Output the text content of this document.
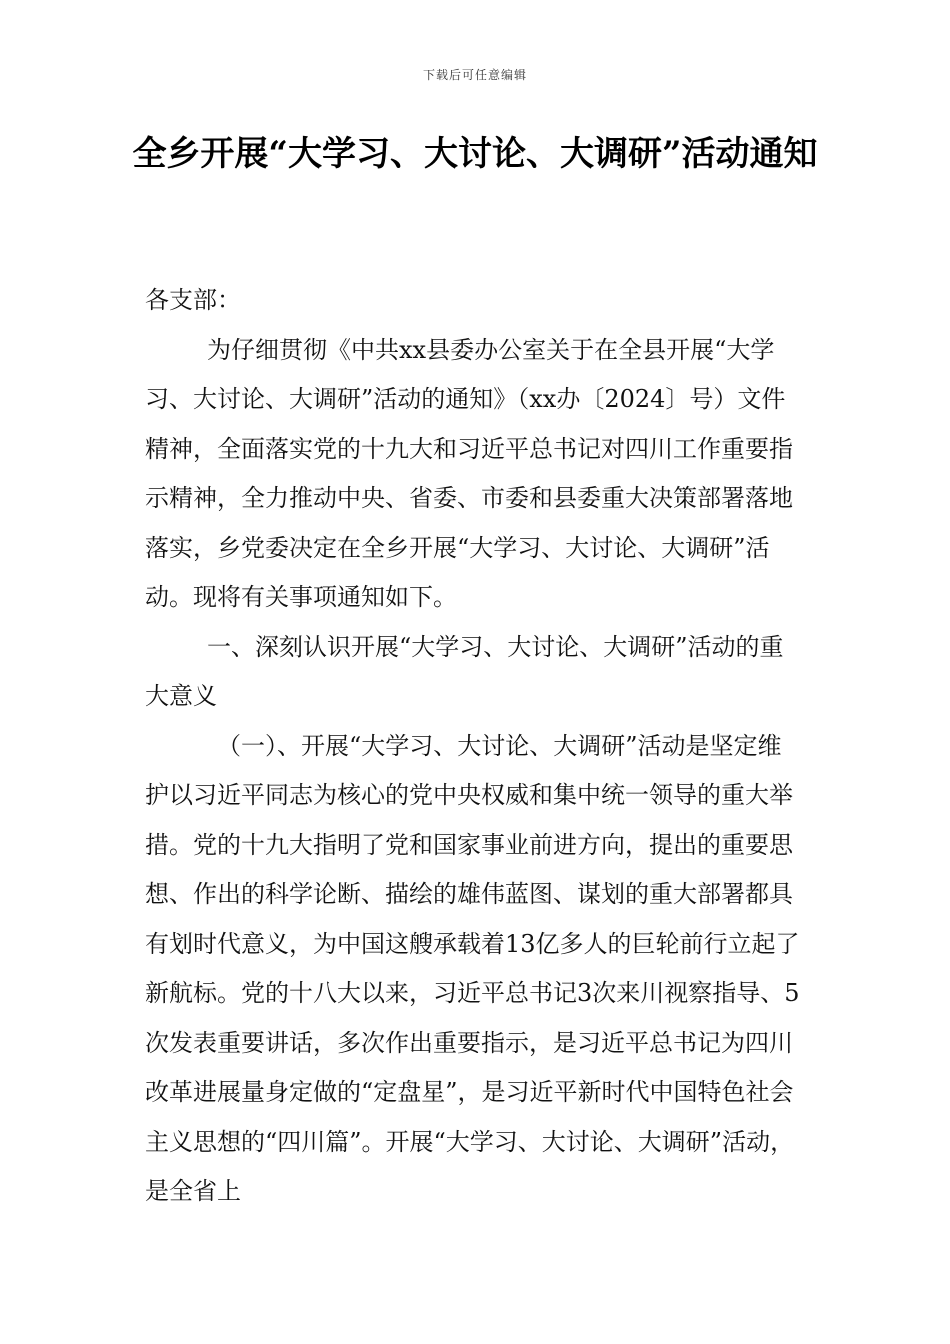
下载后可任意编辑
全乡开展“大学习、大讨论、大调研”活动通知

各支部：

为仔细贯彻《中共xx县委办公室关于在全县开展“大学习、大讨论、大调研”活动的通知》（xx办〔2024〕号）文件精神，全面落实党的十九大和习近平总书记对四川工作重要指示精神，全力推动中央、省委、市委和县委重大决策部署落地落实，乡党委决定在全乡开展“大学习、大讨论、大调研”活动。现将有关事项通知如下。

一、深刻认识开展“大学习、大讨论、大调研”活动的重大意义

（一）、开展“大学习、大讨论、大调研”活动是坚定维护以习近平同志为核心的党中央权威和集中统一领导的重大举措。党的十九大指明了党和国家事业前进方向，提出的重要思想、作出的科学论断、描绘的雄伟蓝图、谋划的重大部署都具有划时代意义，为中国这艘承载着13亿多人的巨轮前行立起了新航标。党的十八大以来，习近平总书记3次来川视察指导、5次发表重要讲话，多次作出重要指示，是习近平总书记为四川改革进展量身定做的“定盘星”，是习近平新时代中国特色社会主义思想的“四川篇”。开展“大学习、大讨论、大调研”活动，是全省上
